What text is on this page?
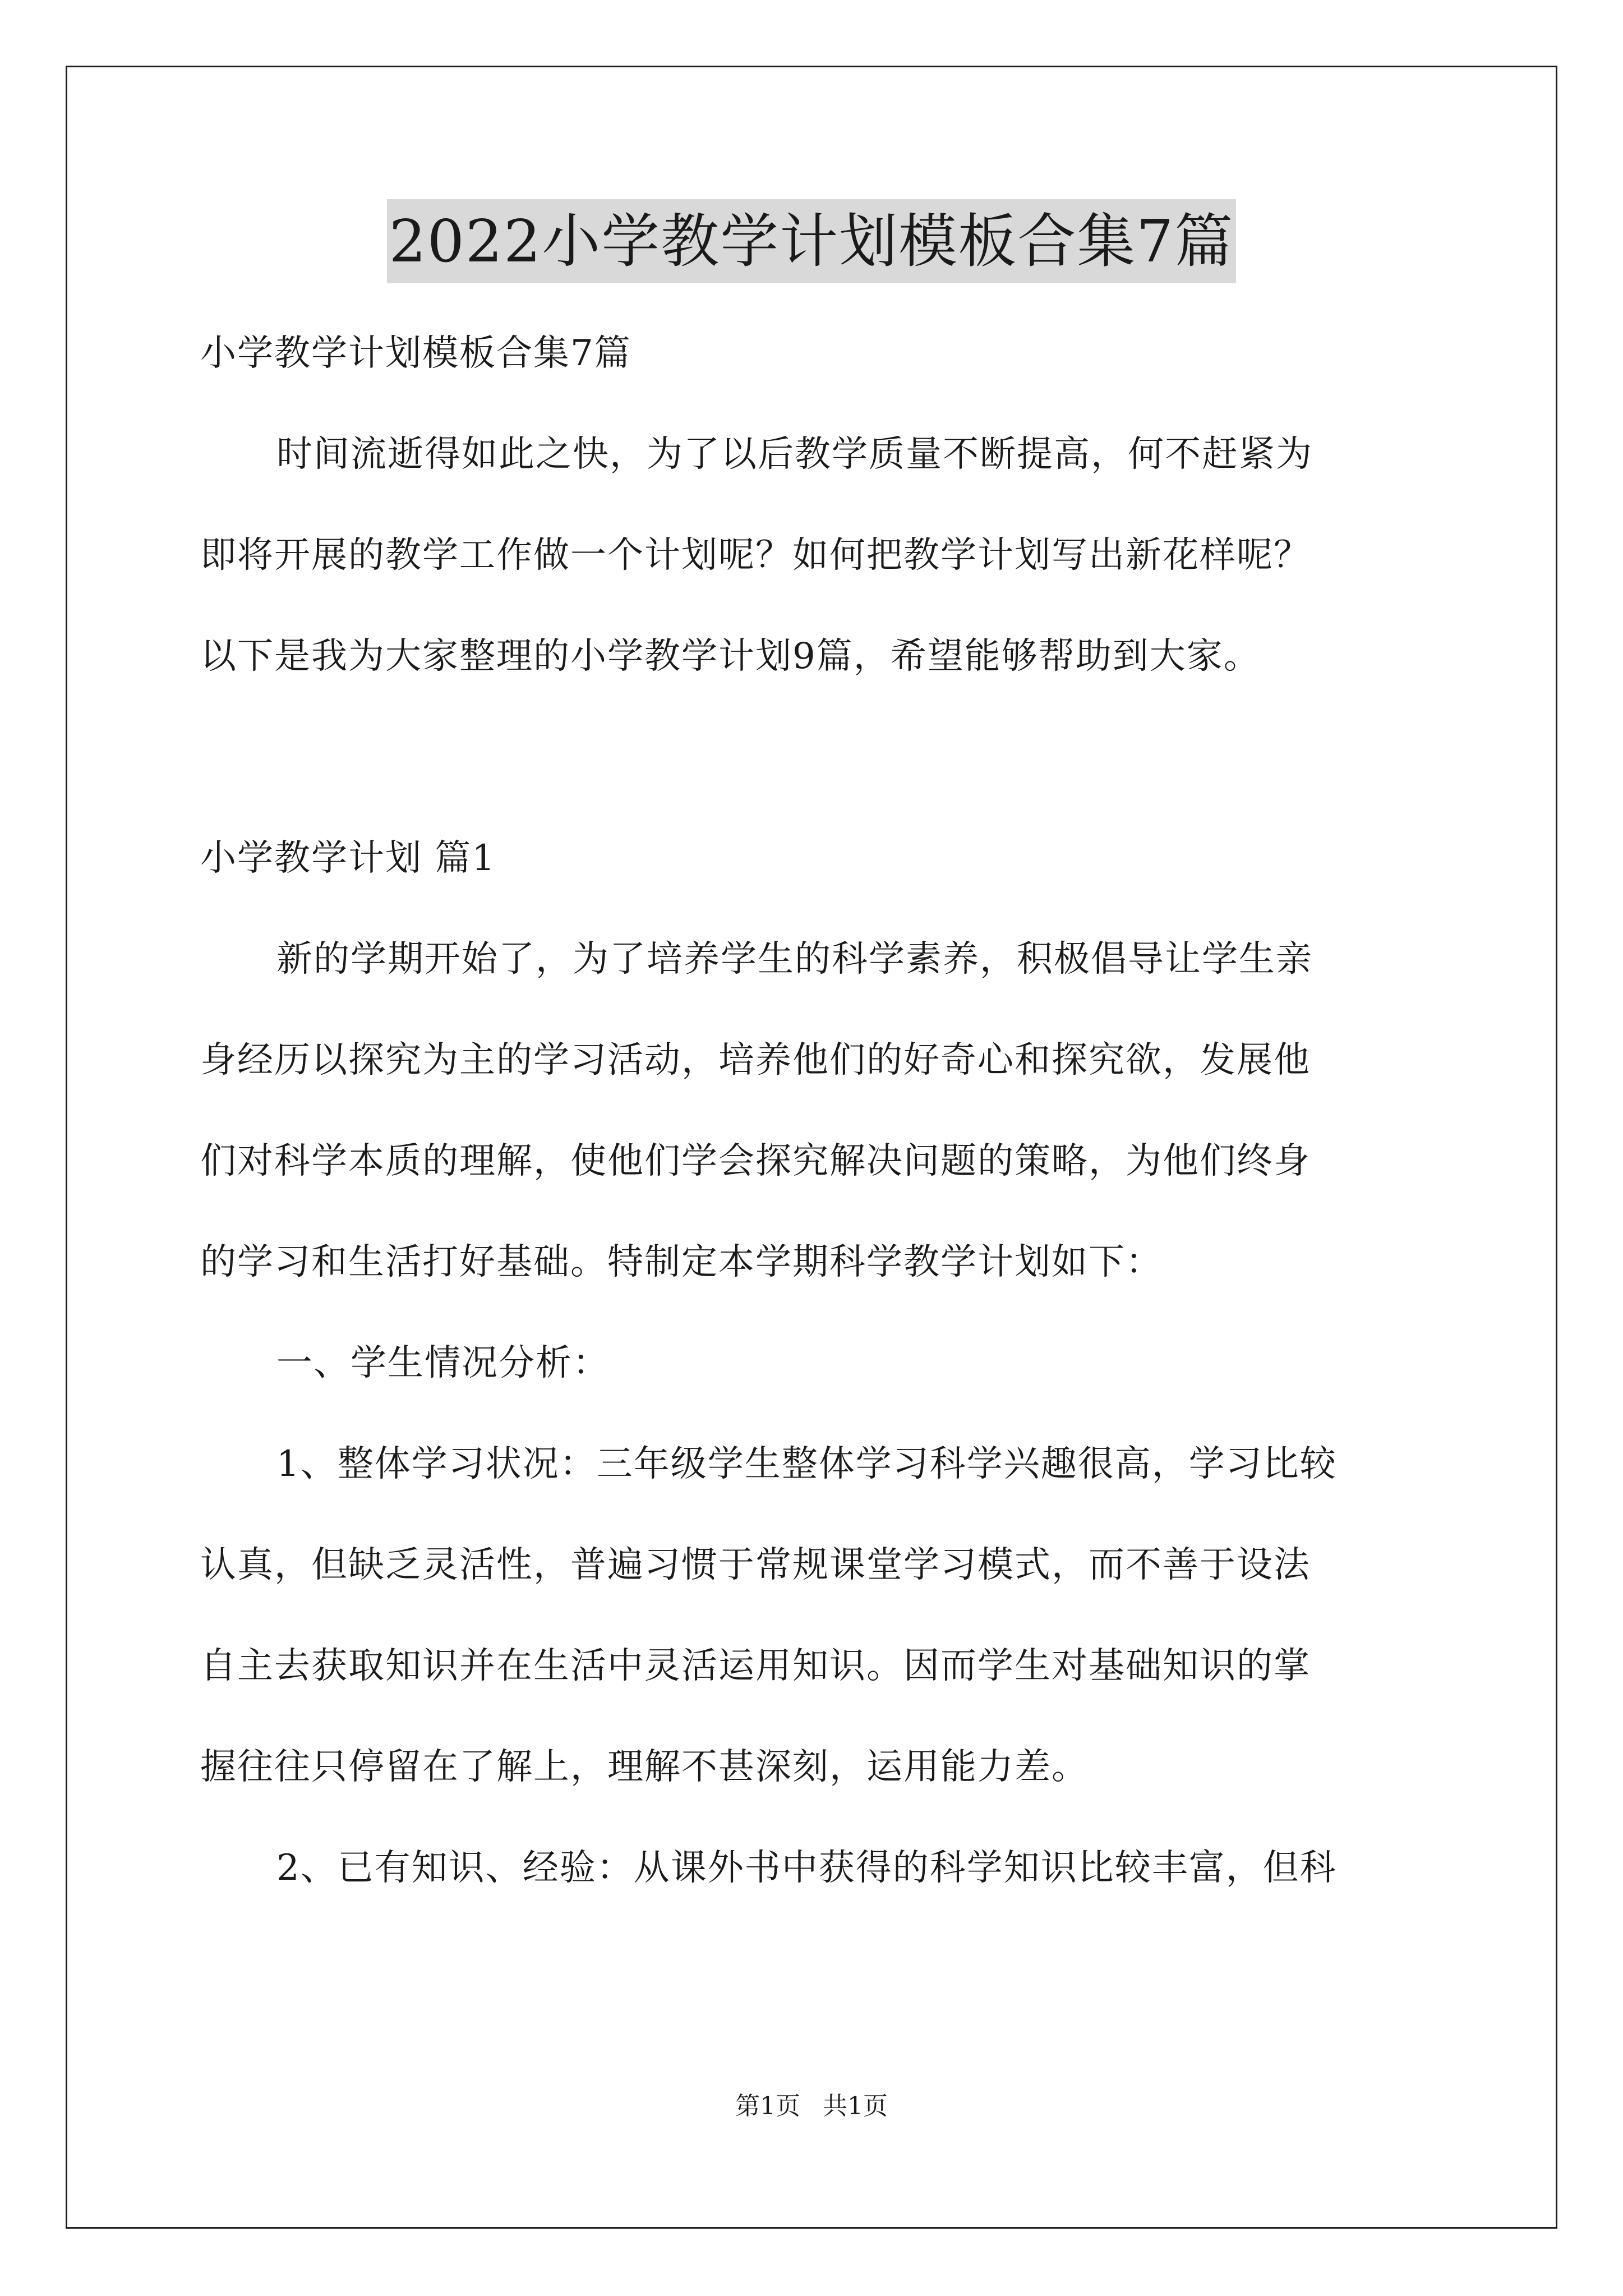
2022小学教学计划模板合集7篇
小学教学计划模板合集7篇
时间流逝得如此之快，为了以后教学质量不断提高，何不赶紧为
即将开展的教学工作做一个计划呢？如何把教学计划写出新花样呢？
以下是我为大家整理的小学教学计划9篇，希望能够帮助到大家。
小学教学计划 篇1
新的学期开始了，为了培养学生的科学素养，积极倡导让学生亲
身经历以探究为主的学习活动，培养他们的好奇心和探究欲，发展他
们对科学本质的理解，使他们学会探究解决问题的策略，为他们终身
的学习和生活打好基础。特制定本学期科学教学计划如下：
一、学生情况分析：
1、整体学习状况：三年级学生整体学习科学兴趣很高，学习比较
认真，但缺乏灵活性，普遍习惯于常规课堂学习模式，而不善于设法
自主去获取知识并在生活中灵活运用知识。因而学生对基础知识的掌
握往往只停留在了解上，理解不甚深刻，运用能力差。
2、已有知识、经验：从课外书中获得的科学知识比较丰富，但科
第1页 共1页
